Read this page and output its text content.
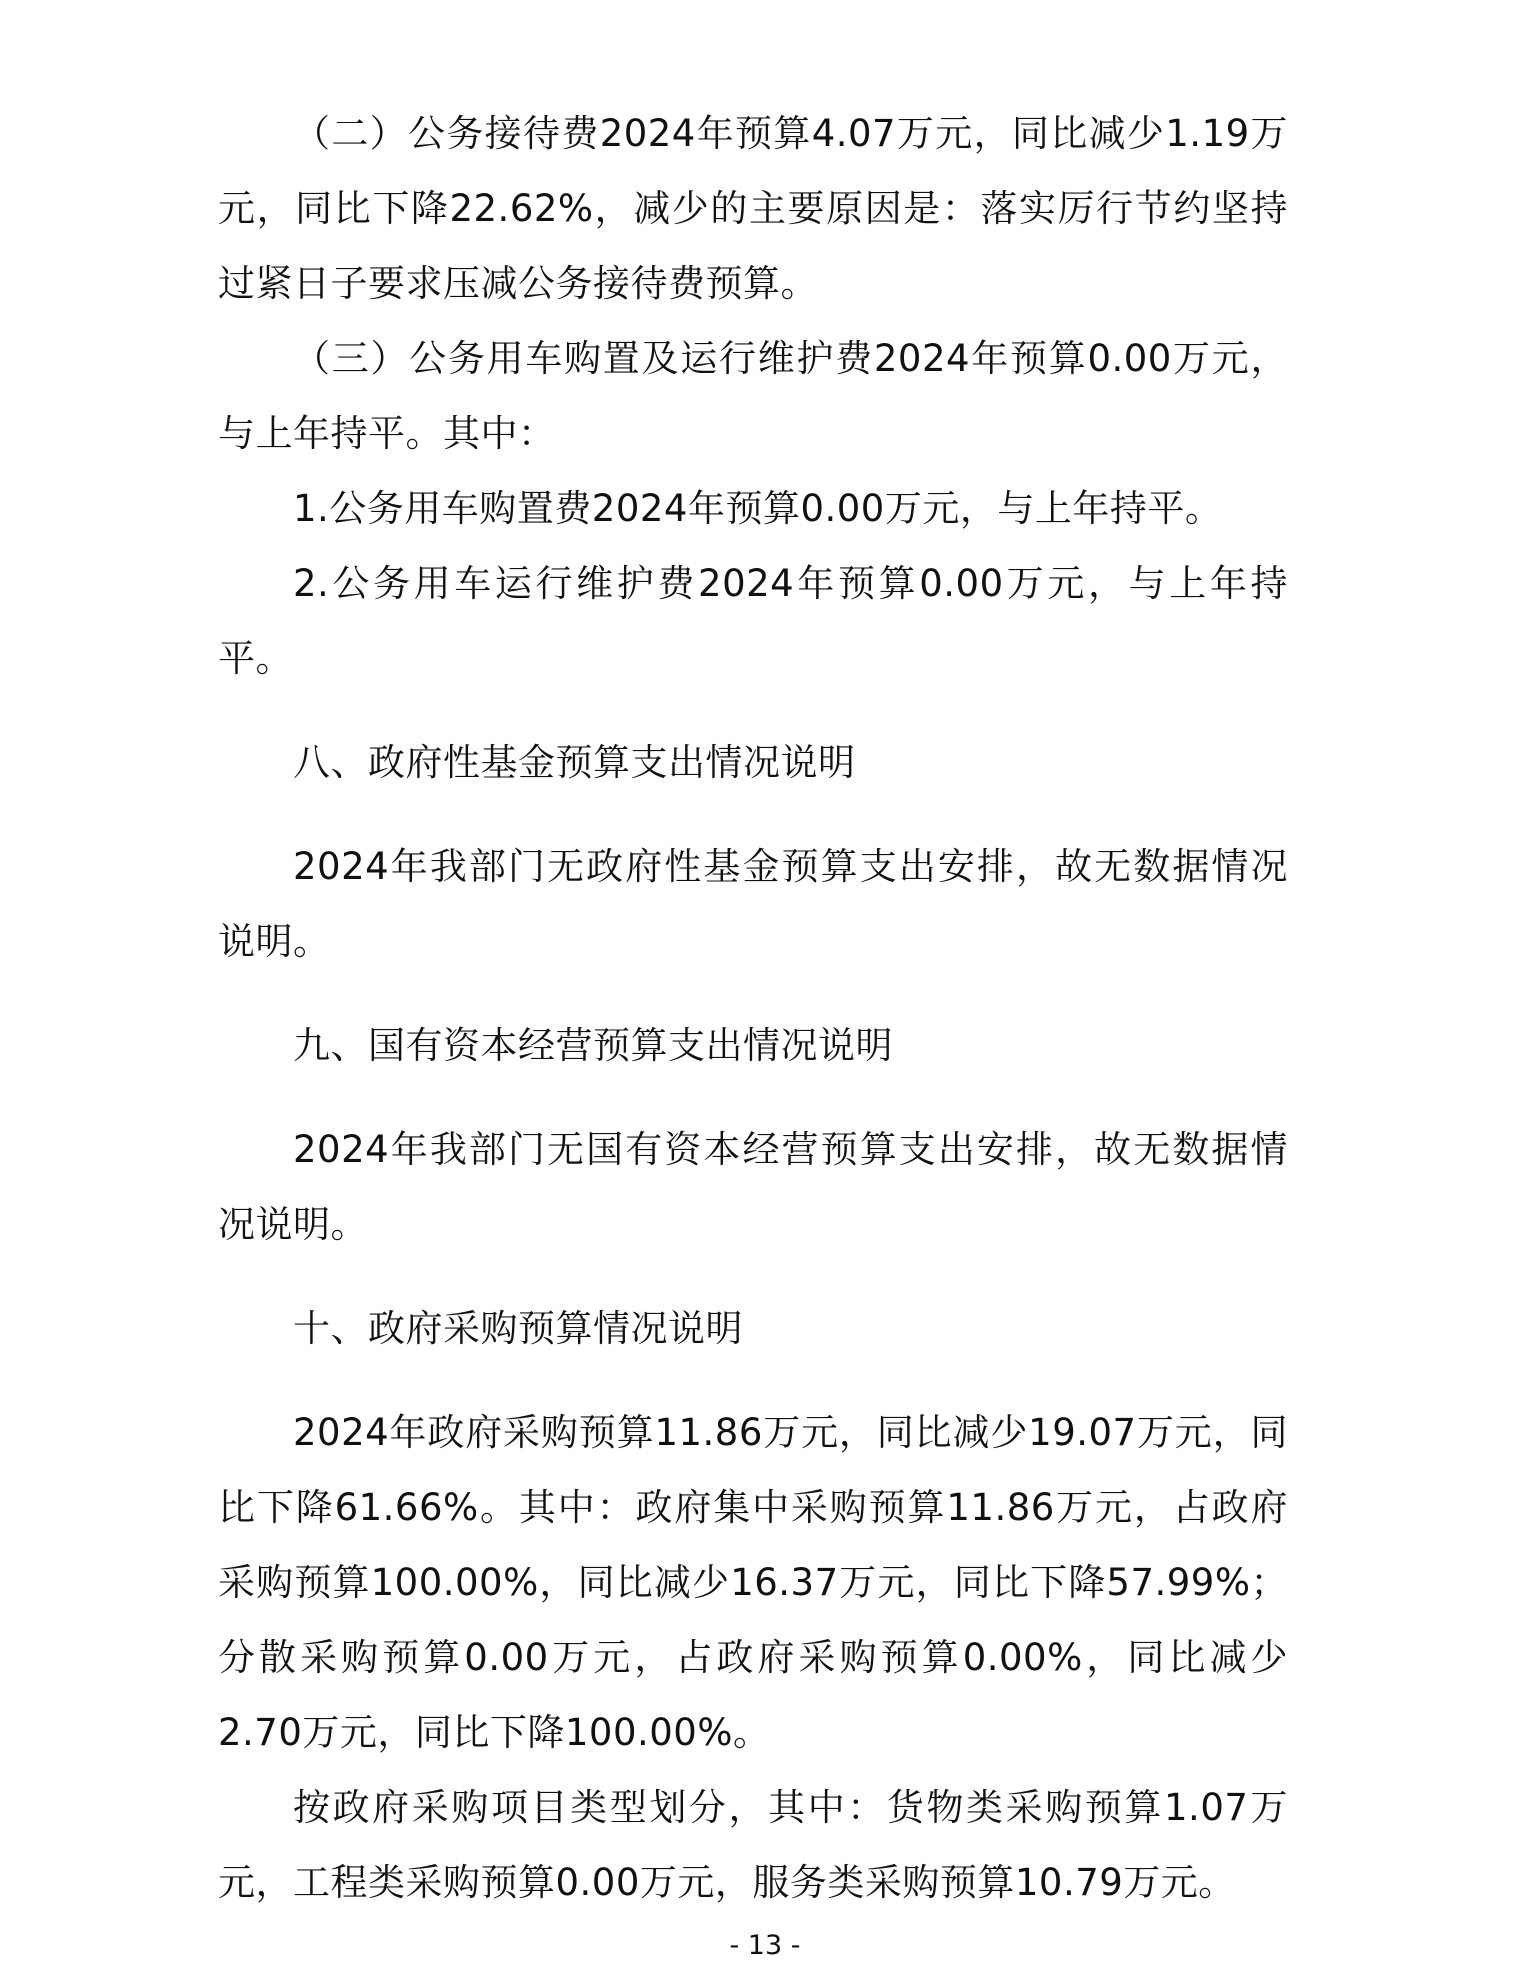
（二）公务接待费2024年预算4.07万元，同比减少1.19万元，同比下降22.62%，减少的主要原因是：落实厉行节约坚持过紧日子要求压减公务接待费预算。

（三）公务用车购置及运行维护费2024年预算0.00万元，与上年持平。其中：

1.公务用车购置费2024年预算0.00万元，与上年持平。

2.公务用车运行维护费2024年预算0.00万元，与上年持平。

八、政府性基金预算支出情况说明

2024年我部门无政府性基金预算支出安排，故无数据情况说明。

九、国有资本经营预算支出情况说明

2024年我部门无国有资本经营预算支出安排，故无数据情况说明。

十、政府采购预算情况说明

2024年政府采购预算11.86万元，同比减少19.07万元，同比下降61.66%。其中：政府集中采购预算11.86万元，占政府采购预算100.00%，同比减少16.37万元，同比下降57.99%；分散采购预算0.00万元，占政府采购预算0.00%，同比减少2.70万元，同比下降100.00%。

按政府采购项目类型划分，其中：货物类采购预算1.07万元，工程类采购预算0.00万元，服务类采购预算10.79万元。

- 13 -
